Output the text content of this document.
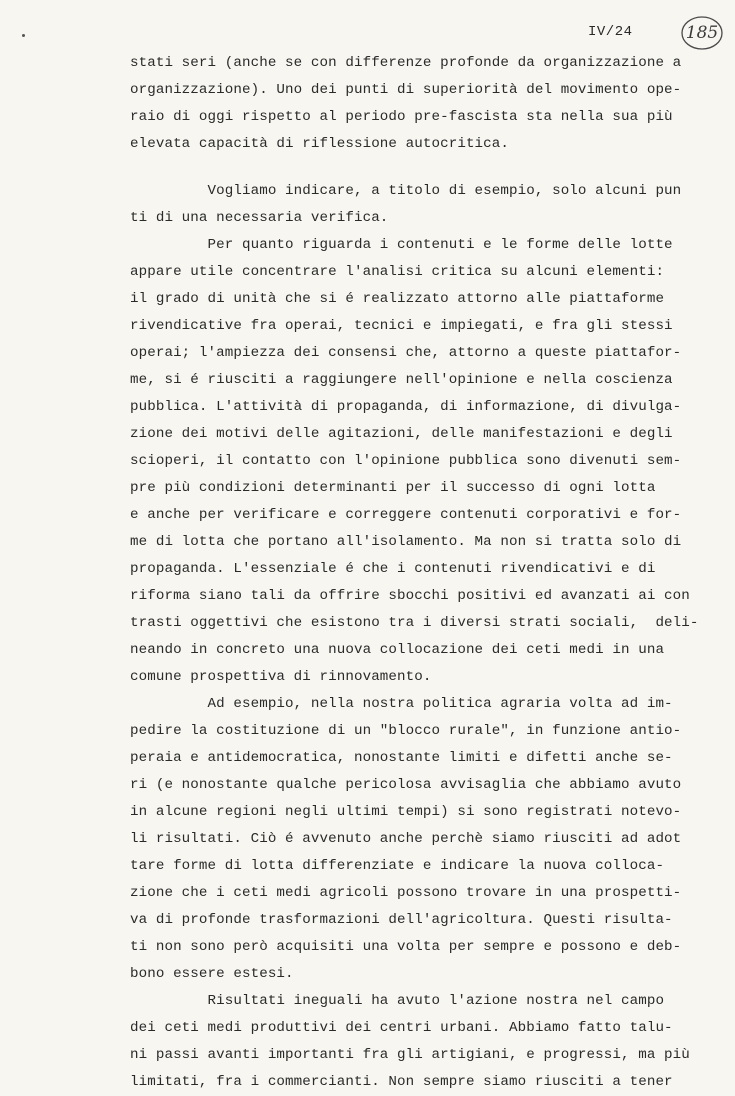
IV/24	185
stati seri (anche se con differenze profonde da organizzazione a
organizzazione). Uno dei punti di superiorità del movimento ope-
raio di oggi rispetto al periodo pre-fascista sta nella sua più
elevata capacità di riflessione autocritica.
Vogliamo indicare, a titolo di esempio, solo alcuni pun
ti di una necessaria verifica.
Per quanto riguarda i contenuti e le forme delle lotte
appare utile concentrare l'analisi critica su alcuni elementi:
il grado di unità che si é realizzato attorno alle piattaforme
rivendicative fra operai, tecnici e impiegati, e fra gli stessi
operai; l'ampiezza dei consensi che, attorno a queste piattafor-
me, si é riusciti a raggiungere nell'opinione e nella coscienza
pubblica. L'attività di propaganda, di informazione, di divulga-
zione dei motivi delle agitazioni, delle manifestazioni e degli
scioperi, il contatto con l'opinione pubblica sono divenuti sem-
pre più condizioni determinanti per il successo di ogni lotta
e anche per verificare e correggere contenuti corporativi e for-
me di lotta che portano all'isolamento. Ma non si tratta solo di
propaganda. L'essenziale é che i contenuti rivendicativi e di
riforma siano tali da offrire sbocchi positivi ed avanzati ai con
trasti oggettivi che esistono tra i diversi strati sociali,  deli-
neando in concreto una nuova collocazione dei ceti medi in una
comune prospettiva di rinnovamento.
Ad esempio, nella nostra politica agraria volta ad im-
pedire la costituzione di un "blocco rurale", in funzione antio-
peraia e antidemocratica, nonostante limiti e difetti anche se-
ri (e nonostante qualche pericolosa avvisaglia che abbiamo avuto
in alcune regioni negli ultimi tempi) si sono registrati notevo-
li risultati. Ciò é avvenuto anche perchè siamo riusciti ad adot
tare forme di lotta differenziate e indicare la nuova colloca-
zione che i ceti medi agricoli possono trovare in una prospetti-
va di profonde trasformazioni dell'agricoltura. Questi risulta-
ti non sono però acquisiti una volta per sempre e possono e deb-
bono essere estesi.
Risultati ineguali ha avuto l'azione nostra nel campo
dei ceti medi produttivi dei centri urbani. Abbiamo fatto talu-
ni passi avanti importanti fra gli artigiani, e progressi, ma più
limitati, fra i commercianti. Non sempre siamo riusciti a tener
